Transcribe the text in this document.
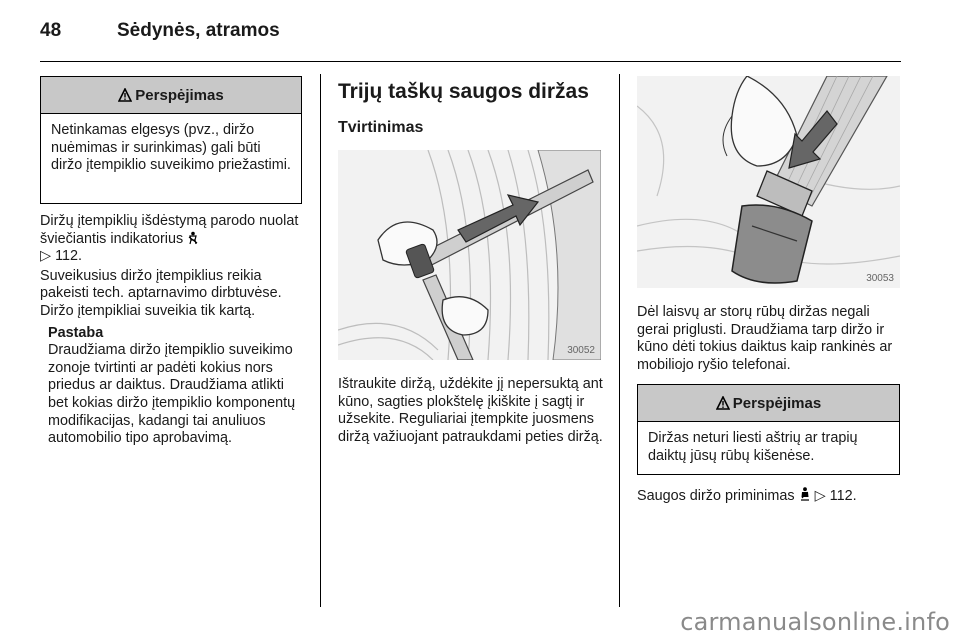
48	Sėdynės, atramos
Perspėjimas
Netinkamas elgesys (pvz., diržo nuėmimas ir surinkimas) gali būti diržo įtempiklio suveikimo priežastimi.

Diržų įtempiklių išdėstymą parodo nuolat šviečiantis indikatorius
▷ 112.

Suveikusius diržo įtempiklius reikia pakeisti tech. aptarnavimo dirbtuvėse. Diržo įtempikliai suveikia tik kartą.

Pastaba
Draudžiama diržo įtempiklio suveikimo zonoje tvirtinti ar padėti kokius nors priedus ar daiktus. Draudžiama atlikti bet kokias diržo įtempiklio komponentų modifikacijas, kadangi tai anuliuos automobilio tipo aprobavimą.
Trijų taškų saugos diržas
Tvirtinimas
30052

Ištraukite diržą, uždėkite jį nepersuktą ant kūno, sagties plokštelę įkiškite į sagtį ir užsekite. Reguliariai įtempkite juosmens diržą važiuojant patraukdami peties diržą.

30053

Dėl laisvų ar storų rūbų diržas negali gerai priglusti. Draudžiama tarp diržo ir kūno dėti tokius daiktus kaip rankinės ar mobiliojo ryšio telefonai.

Perspėjimas
Diržas neturi liesti aštrių ar trapių daiktų jūsų rūbų kišenėse.

Saugos diržo priminimas ▷ 112.

carmanualsonline.info
